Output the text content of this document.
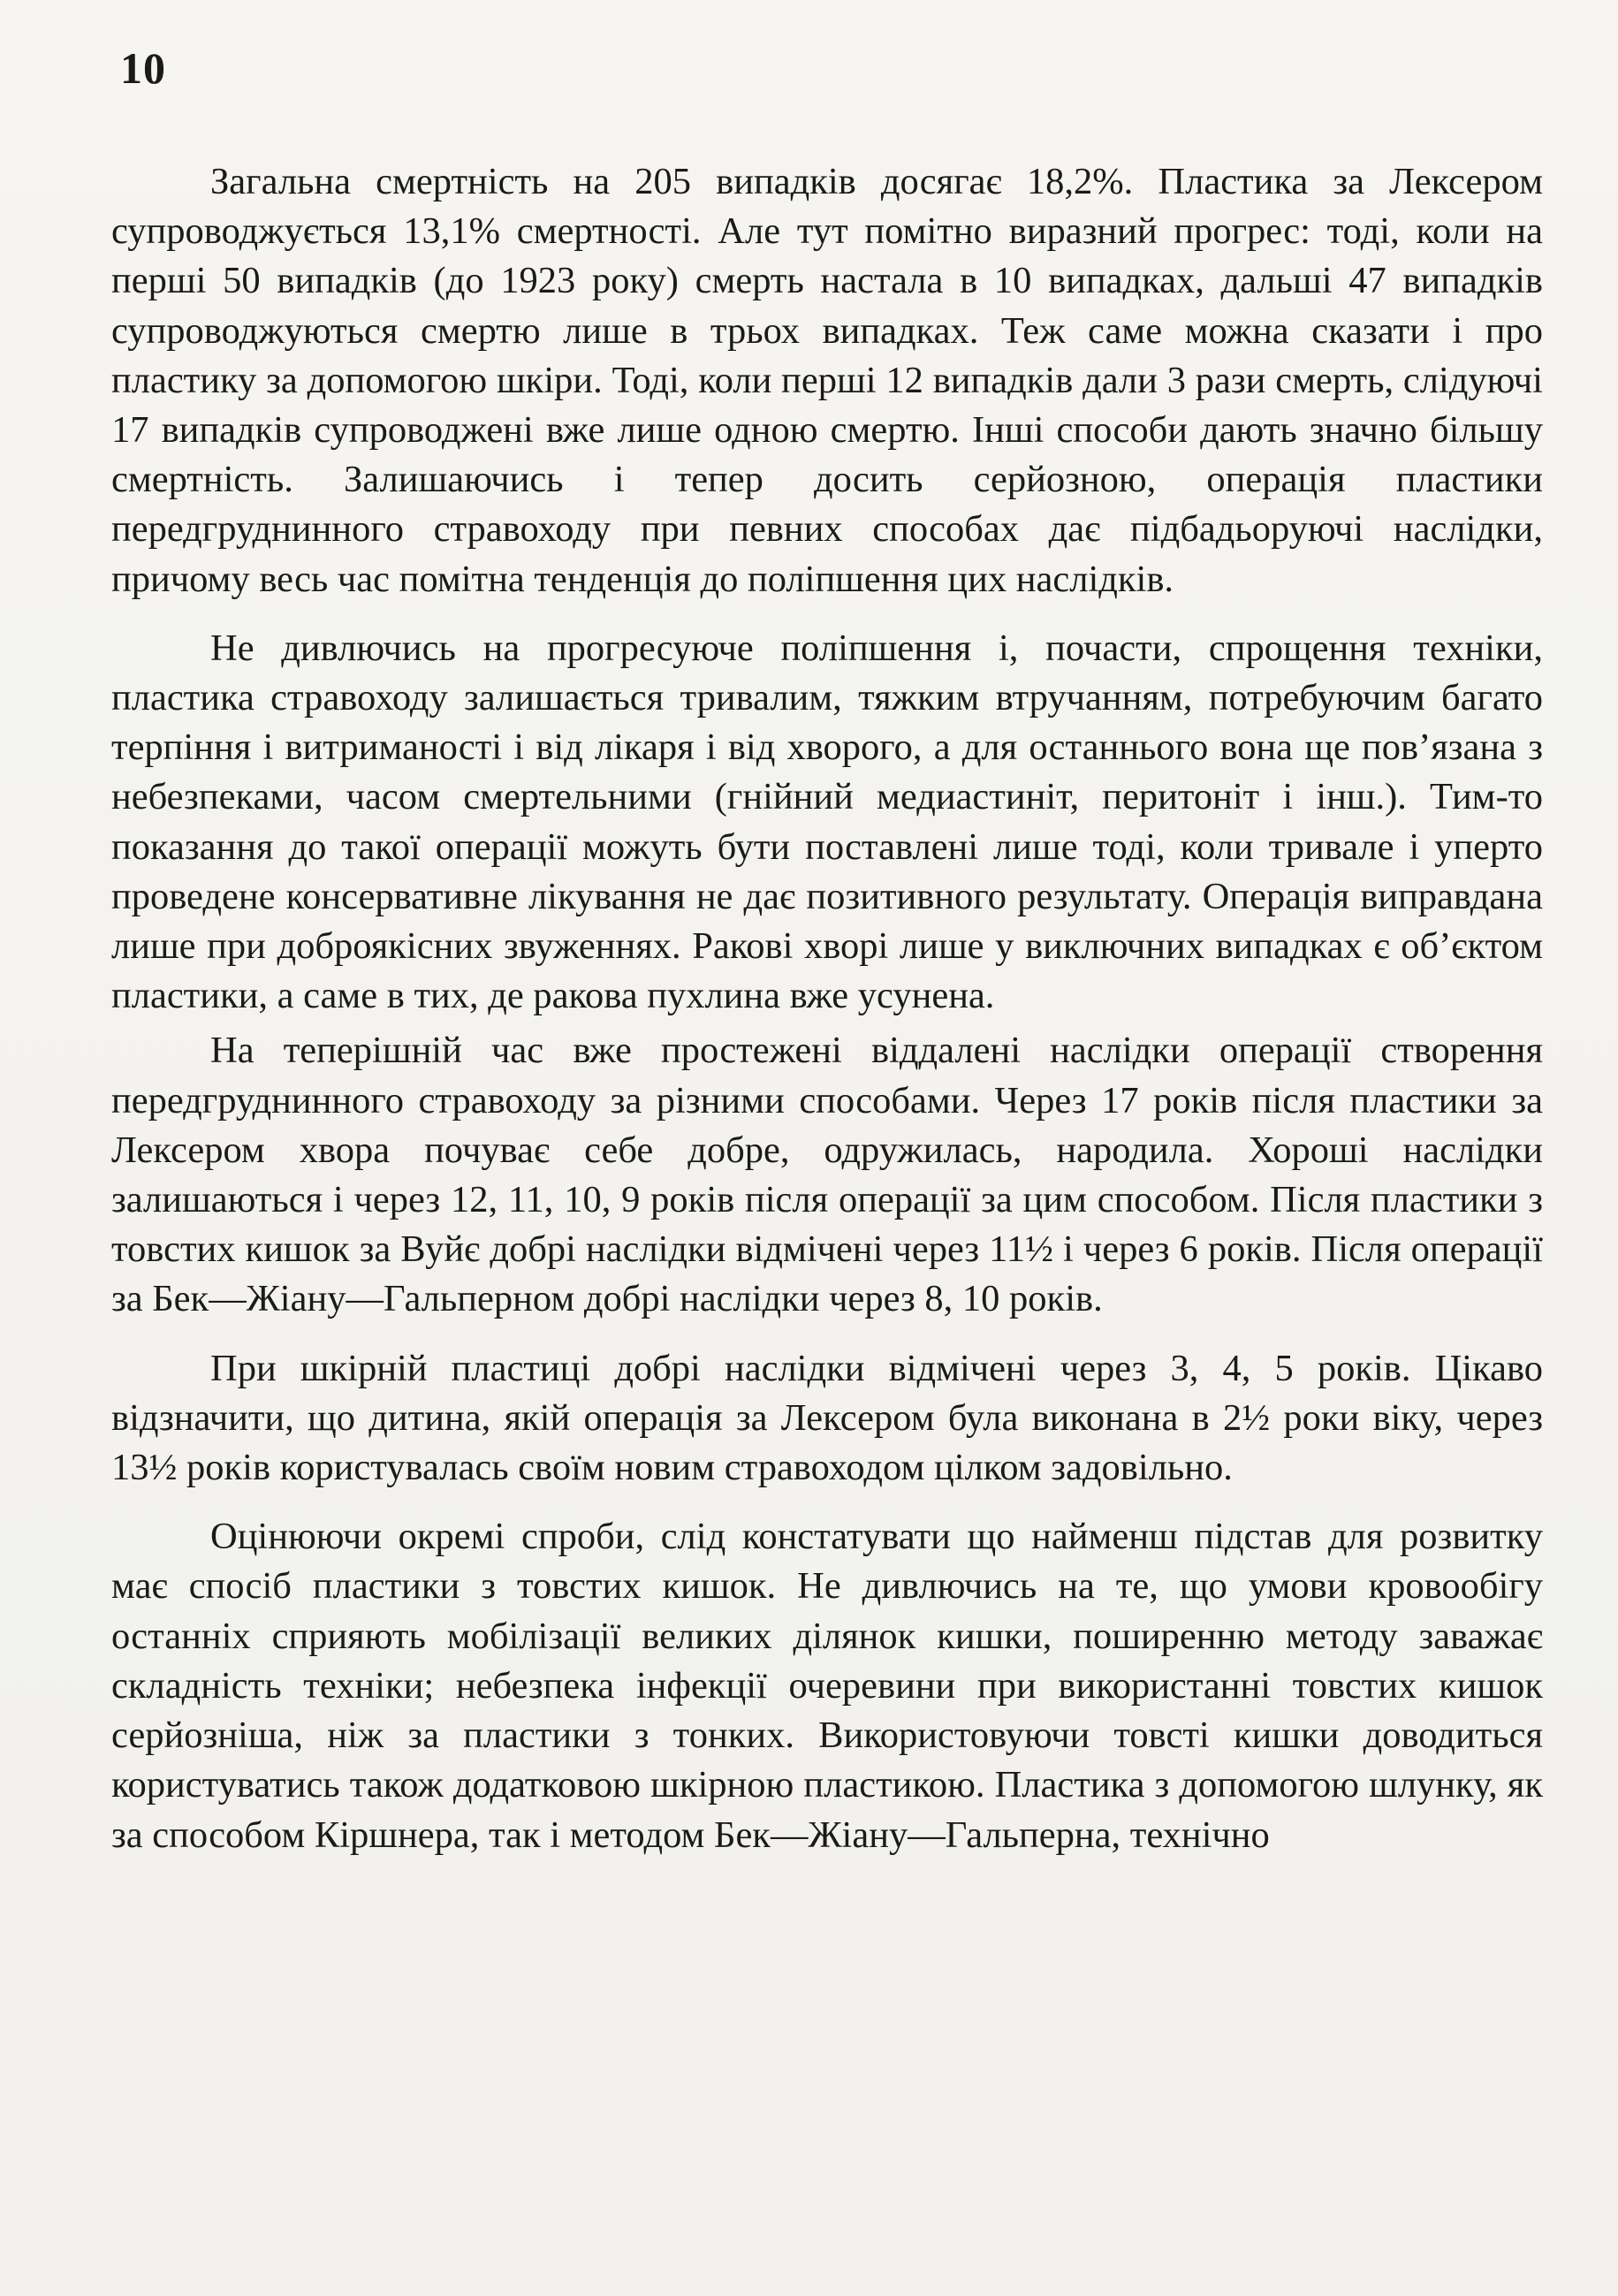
10

Загальна смертність на 205 випадків досягає 18,2%. Пластика за Лексером супроводжується 13,1% смертності. Але тут помітно виразний прогрес: тоді, коли на перші 50 випадків (до 1923 року) смерть настала в 10 випадках, дальші 47 випадків супроводжуються смертю лише в трьох випадках. Теж саме можна сказати і про пластику за допомогою шкіри. Тоді, коли перші 12 випадків дали 3 рази смерть, слідуючі 17 випадків супроводжені вже лише одною смертю. Інші способи дають значно більшу смертність. Залишаючись і тепер досить серйозною, операція пластики передгруднинного стравоходу при певних способах дає підбадьоруючі наслідки, причому весь час помітна тенденція до поліпшення цих наслідків.

Не дивлючись на прогресуюче поліпшення і, почасти, спрощення техніки, пластика стравоходу залишається тривалим, тяжким втручанням, потребуючим багато терпіння і витриманості і від лікаря і від хворого, а для останнього вона ще пов’язана з небезпеками, часом смертельними (гнійний медиастиніт, перитоніт і інш.). Тим-то показання до такої операції можуть бути поставлені лише тоді, коли тривале і уперто проведене консервативне лікування не дає позитивного результату. Операція виправдана лише при доброякісних звуженнях. Ракові хворі лише у виключних випадках є об’єктом пластики, а саме в тих, де ракова пухлина вже усунена.

На теперішній час вже простежені віддалені наслідки операції створення передгруднинного стравоходу за різними способами. Через 17 років після пластики за Лексером хвора почуває себе добре, одружилась, народила. Хороші наслідки залишаються і через 12, 11, 10, 9 років після операції за цим способом. Після пластики з товстих кишок за Вуйє добрі наслідки відмічені через 11½ і через 6 років. Після операції за Бек—Жіану—Гальперном добрі наслідки через 8, 10 років.

При шкірній пластиці добрі наслідки відмічені через 3, 4, 5 років. Цікаво відзначити, що дитина, якій операція за Лексером була виконана в 2½ роки віку, через 13½ років користувалась своїм новим стравоходом цілком задовільно.

Оцінюючи окремі спроби, слід констатувати що найменш підстав для розвитку має спосіб пластики з товстих кишок. Не дивлючись на те, що умови кровообігу останніх сприяють мобілізації великих ділянок кишки, поширенню методу заважає складність техніки; небезпека інфекції очеревини при використанні товстих кишок серйозніша, ніж за пластики з тонких. Використовуючи товсті кишки доводиться користуватись також додатковою шкірною пластикою. Пластика з допомогою шлунку, як за способом Кіршнера, так і методом Бек—Жіану—Гальперна, технічно
